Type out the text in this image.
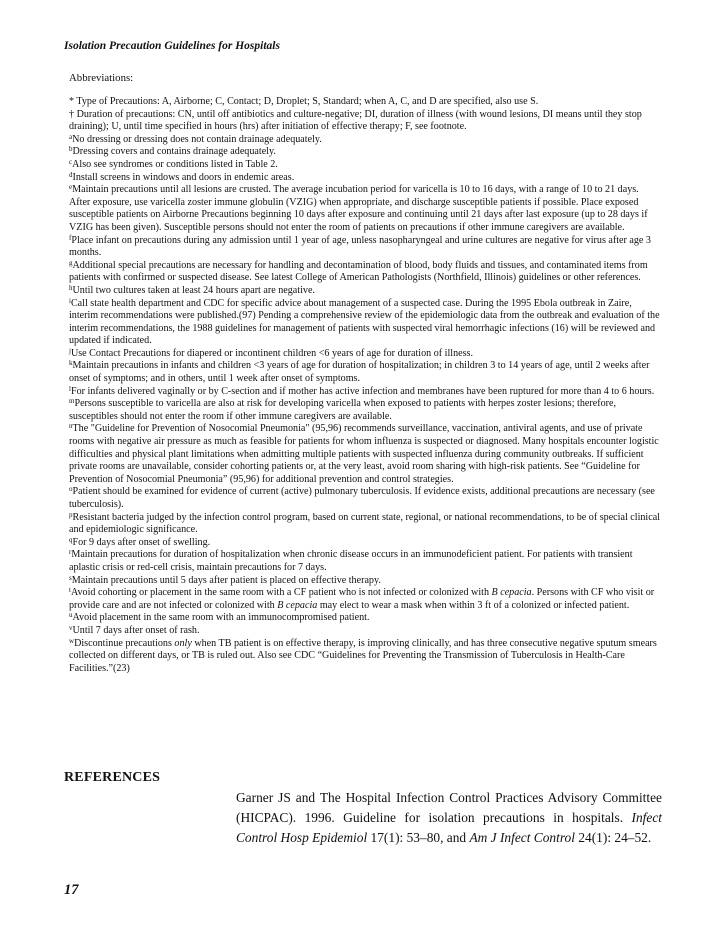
Isolation Precaution Guidelines for Hospitals
Abbreviations:

* Type of Precautions: A, Airborne; C, Contact; D, Droplet; S, Standard; when A, C, and D are specified, also use S.

† Duration of precautions: CN, until off antibiotics and culture-negative; DI, duration of illness (with wound lesions, DI means until they stop draining); U, until time specified in hours (hrs) after initiation of effective therapy; F, see footnote.

$^a$No dressing or dressing does not contain drainage adequately.

$^b$Dressing covers and contains drainage adequately.

$^c$Also see syndromes or conditions listed in Table 2.

$^d$Install screens in windows and doors in endemic areas.

$^e$Maintain precautions until all lesions are crusted. The average incubation period for varicella is 10 to 16 days, with a range of 10 to 21 days. After exposure, use varicella zoster immune globulin (VZIG) when appropriate, and discharge susceptible patients if possible. Place exposed susceptible patients on Airborne Precautions beginning 10 days after exposure and continuing until 21 days after last exposure (up to 28 days if VZIG has been given). Susceptible persons should not enter the room of patients on precautions if other immune caregivers are available.

$^f$Place infant on precautions during any admission until 1 year of age, unless nasopharyngeal and urine cultures are negative for virus after age 3 months.

$^g$Additional special precautions are necessary for handling and decontamination of blood, body fluids and tissues, and contaminated items from patients with confirmed or suspected disease. See latest College of American Pathologists (Northfield, Illinois) guidelines or other references.

$^h$Until two cultures taken at least 24 hours apart are negative.

$^i$Call state health department and CDC for specific advice about management of a suspected case. During the 1995 Ebola outbreak in Zaire, interim recommendations were published.(97) Pending a comprehensive review of the epidemiologic data from the outbreak and evaluation of the interim recommendations, the 1988 guidelines for management of patients with suspected viral hemorrhagic infections (16) will be reviewed and updated if indicated.

$^j$Use Contact Precautions for diapered or incontinent children <6 years of age for duration of illness.

$^k$Maintain precautions in infants and children <3 years of age for duration of hospitalization; in children 3 to 14 years of age, until 2 weeks after onset of symptoms; and in others, until 1 week after onset of symptoms.

$^l$For infants delivered vaginally or by C-section and if mother has active infection and membranes have been ruptured for more than 4 to 6 hours.

$^m$Persons susceptible to varicella are also at risk for developing varicella when exposed to patients with herpes zoster lesions; therefore, susceptibles should not enter the room if other immune caregivers are available.

$^n$The "Guideline for Prevention of Nosocomial Pneumonia" (95,96) recommends surveillance, vaccination, antiviral agents, and use of private rooms with negative air pressure as much as feasible for patients for whom influenza is suspected or diagnosed. Many hospitals encounter logistic difficulties and physical plant limitations when admitting multiple patients with suspected influenza during community outbreaks. If sufficient private rooms are unavailable, consider cohorting patients or, at the very least, avoid room sharing with high-risk patients. See “Guideline for Prevention of Nosocomial Pneumonia” (95,96) for additional prevention and control strategies.

$^o$Patient should be examined for evidence of current (active) pulmonary tuberculosis. If evidence exists, additional precautions are necessary (see tuberculosis).

$^p$Resistant bacteria judged by the infection control program, based on current state, regional, or national recommendations, to be of special clinical and epidemiologic significance.

$^q$For 9 days after onset of swelling.

$^r$Maintain precautions for duration of hospitalization when chronic disease occurs in an immunodeficient patient. For patients with transient aplastic crisis or red-cell crisis, maintain precautions for 7 days.

$^s$Maintain precautions until 5 days after patient is placed on effective therapy.

$^t$Avoid cohorting or placement in the same room with a CF patient who is not infected or colonized with B cepacia. Persons with CF who visit or provide care and are not infected or colonized with B cepacia may elect to wear a mask when within 3 ft of a colonized or infected patient.

$^u$Avoid placement in the same room with an immunocompromised patient.

$^v$Until 7 days after onset of rash.

$^w$Discontinue precautions only when TB patient is on effective therapy, is improving clinically, and has three consecutive negative sputum smears collected on different days, or TB is ruled out. Also see CDC “Guidelines for Preventing the Transmission of Tuberculosis in Health-Care Facilities.”(23)

REFERENCES
Garner JS and The Hospital Infection Control Practices Advisory Committee (HICPAC). 1996. Guideline for isolation precautions in hospitals. Infect Control Hosp Epidemiol 17(1): 53–80, and Am J Infect Control 24(1): 24–52.
17
